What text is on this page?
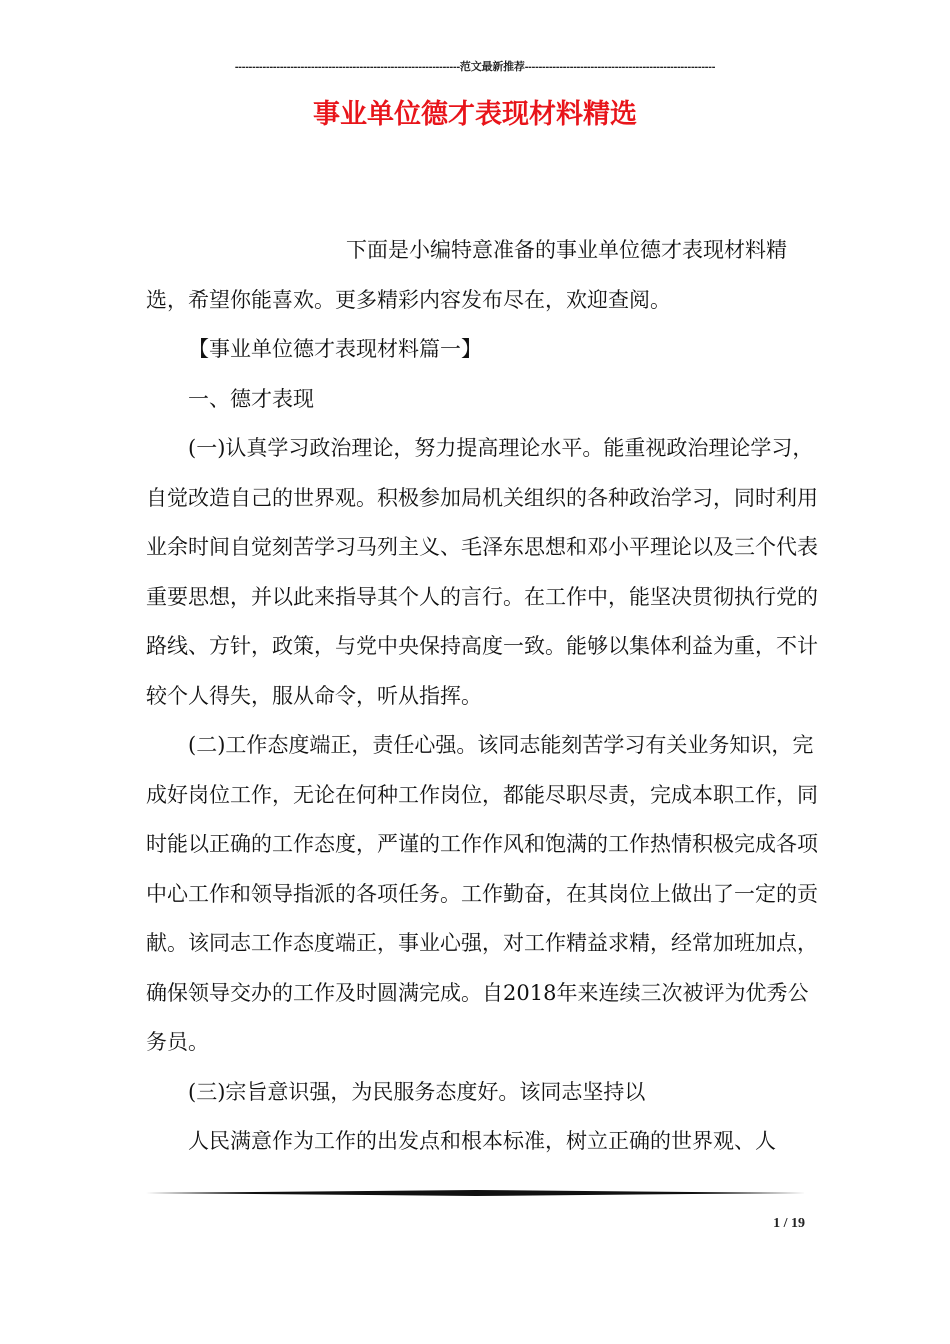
-----------------------------------------------------------------范文最新推荐-------------------------------------------------------
事业单位德才表现材料精选

下面是小编特意准备的事业单位德才表现材料精选，希望你能喜欢。更多精彩内容发布尽在，欢迎查阅。

【事业单位德才表现材料篇一】

一、德才表现

(一)认真学习政治理论，努力提高理论水平。能重视政治理论学习，自觉改造自己的世界观。积极参加局机关组织的各种政治学习，同时利用业余时间自觉刻苦学习马列主义、毛泽东思想和邓小平理论以及三个代表重要思想，并以此来指导其个人的言行。在工作中，能坚决贯彻执行党的路线、方针，政策，与党中央保持高度一致。能够以集体利益为重，不计较个人得失，服从命令，听从指挥。

(二)工作态度端正，责任心强。该同志能刻苦学习有关业务知识，完成好岗位工作，无论在何种工作岗位，都能尽职尽责，完成本职工作，同时能以正确的工作态度，严谨的工作作风和饱满的工作热情积极完成各项中心工作和领导指派的各项任务。工作勤奋，在其岗位上做出了一定的贡献。该同志工作态度端正，事业心强，对工作精益求精，经常加班加点，确保领导交办的工作及时圆满完成。自2018年来连续三次被评为优秀公务员。

(三)宗旨意识强，为民服务态度好。该同志坚持以

人民满意作为工作的出发点和根本标准，树立正确的世界观、人

1 / 19
